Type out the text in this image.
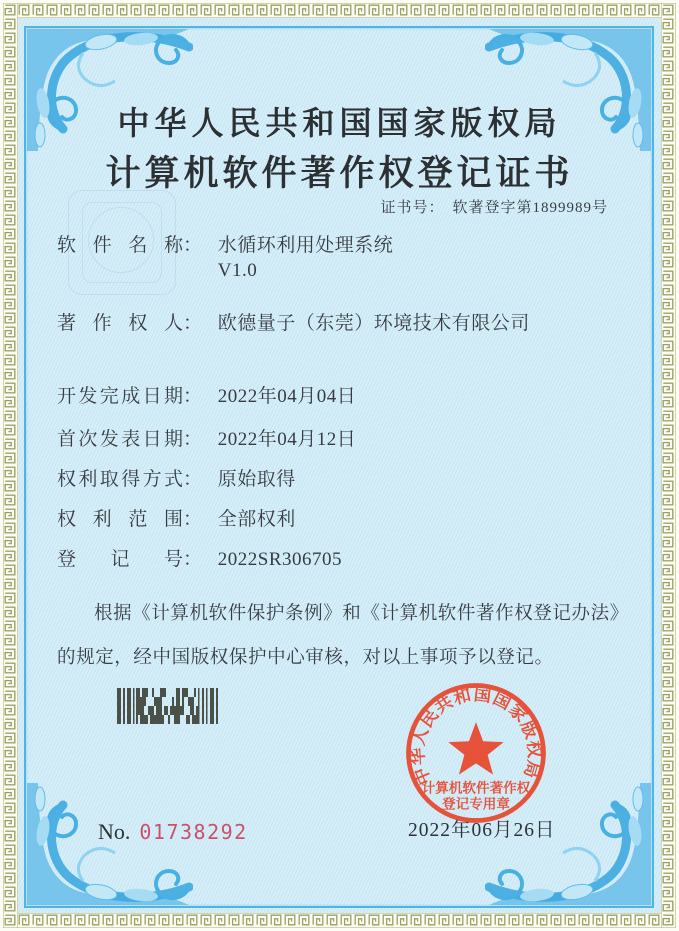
中华人民共和国国家版权局
计算机软件著作权登记证书
证书号： 软著登字第1899989号
软件名称： 水循环利用处理系统
V1.0
著作权人： 欧德量子（东莞）环境技术有限公司
开发完成日期： 2022年04月04日
首次发表日期： 2022年04月12日
权利取得方式： 原始取得
权利范围： 全部权利
登记号： 2022SR306705

根据《计算机软件保护条例》和《计算机软件著作权登记办法》的规定，经中国版权保护中心审核，对以上事项予以登记。

2022年06月26日
中华人民共和国国家版权局
计算机软件著作权
登记专用章
No. 01738292
